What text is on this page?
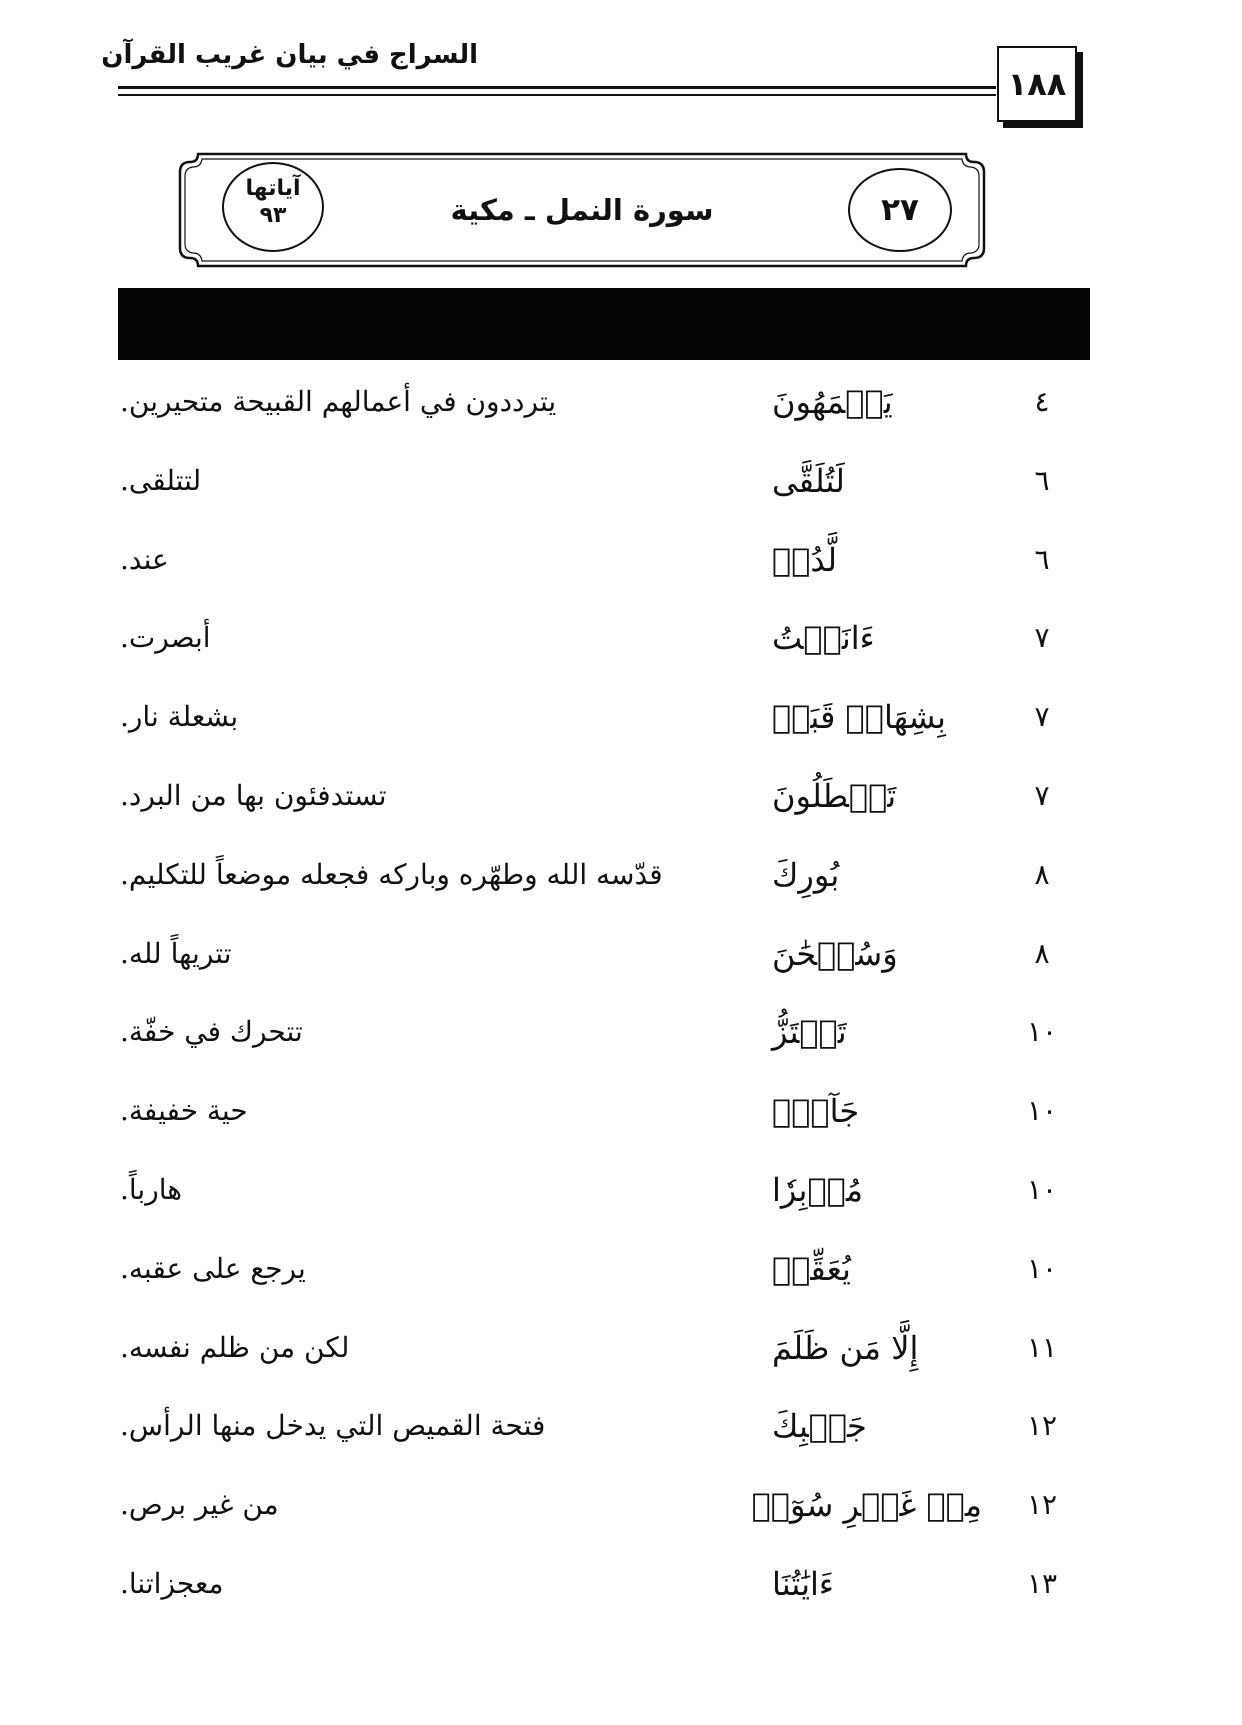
السراج في بيان غريب القرآن
١٨٨
آياتها
٩٣	سورة النمل ـ مكية	٢٧
٤
يَعۡمَهُونَ
يترددون في أعمالهم القبيحة متحيرين.
٦
لَتُلَقَّى
لتتلقى.
٦
لَّدُنۡ
عند.
٧
ءَانَسۡتُ
أبصرت.
٧
بِشِهَابٖ قَبَسٖ
بشعلة نار.
٧
تَصۡطَلُونَ
تستدفئون بها من البرد.
٨
بُورِكَ
قدّسه الله وطهّره وباركه فجعله موضعاً للتكليم.
٨
وَسُبۡحَٰنَ
تتريهاً لله.
١٠
تَهۡتَزُّ
تتحرك في خفّة.
١٠
جَآنّٞ
حية خفيفة.
١٠
مُدۡبِرٗا
هارباً.
١٠
يُعَقِّبۡ
يرجع على عقبه.
١١
إِلَّا مَن ظَلَمَ
لكن من ظلم نفسه.
١٢
جَيۡبِكَ
فتحة القميص التي يدخل منها الرأس.
١٢
مِنۡ غَيۡرِ سُوٓءٖ
من غير برص.
١٣
ءَايَٰتُنَا
معجزاتنا.
